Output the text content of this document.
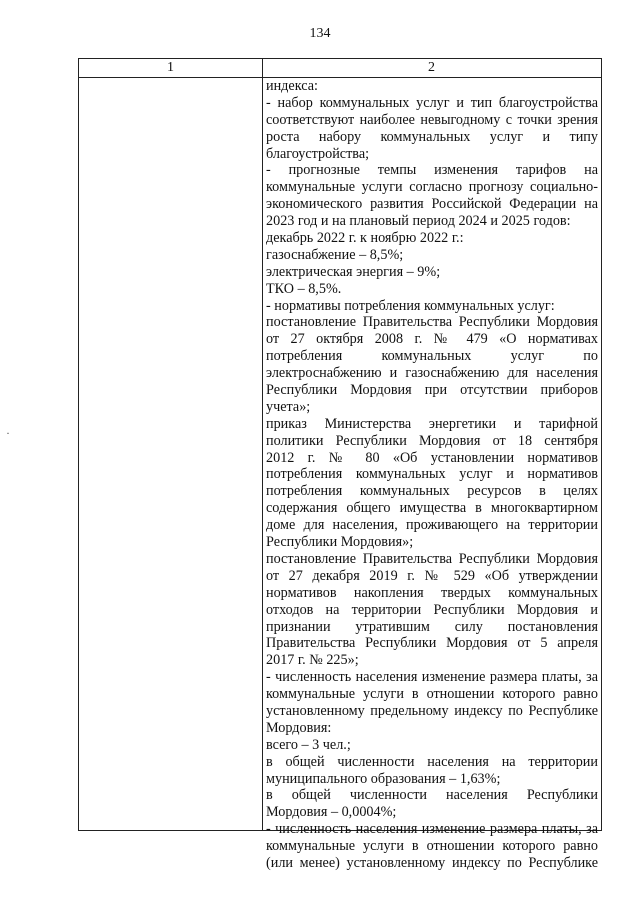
134
1	2
индекса:
- набор коммунальных услуг и тип благоустройства
соответствуют наиболее невыгодному с точки зрения
роста набору коммунальных услуг и типу
благоустройства;
- прогнозные темпы изменения тарифов на
коммунальные услуги согласно прогнозу социально-
экономического развития Российской Федерации на
2023 год и на плановый период 2024 и 2025 годов:
декабрь 2022 г. к ноябрю 2022 г.:
газоснабжение – 8,5%;
электрическая энергия – 9%;
ТКО – 8,5%.
- нормативы потребления коммунальных услуг:
постановление Правительства Республики Мордовия
от 27 октября 2008 г. № 479 «О нормативах
потребления коммунальных услуг по
электроснабжению и газоснабжению для населения
Республики Мордовия при отсутствии приборов
учета»;
приказ Министерства энергетики и тарифной
политики Республики Мордовия от 18 сентября
2012 г. № 80 «Об установлении нормативов
потребления коммунальных услуг и нормативов
потребления коммунальных ресурсов в целях
содержания общего имущества в многоквартирном
доме для населения, проживающего на территории
Республики Мордовия»;
постановление Правительства Республики Мордовия
от 27 декабря 2019 г. № 529 «Об утверждении
нормативов накопления твердых коммунальных
отходов на территории Республики Мордовия и
признании утратившим силу постановления
Правительства Республики Мордовия от 5 апреля
2017 г. № 225»;
- численность населения изменение размера платы, за
коммунальные услуги в отношении которого равно
установленному предельному индексу по Республике
Мордовия:
всего – 3 чел.;
в общей численности населения на территории
муниципального образования – 1,63%;
в общей численности населения Республики
Мордовия – 0,0004%;
- численность населения изменение размера платы, за
коммунальные услуги в отношении которого равно
(или менее) установленному индексу по Республике
·
